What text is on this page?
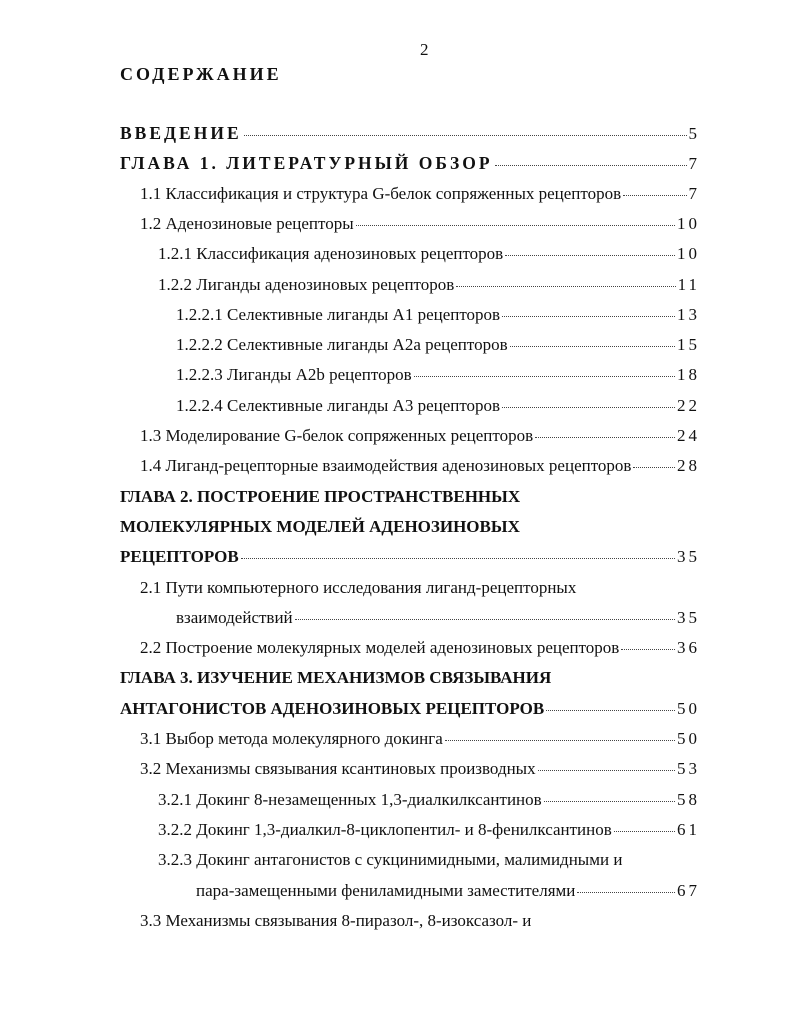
2
СОДЕРЖАНИЕ
ВВЕДЕНИЕ	5
ГЛАВА 1. ЛИТЕРАТУРНЫЙ ОБЗОР	7
1.1 Классификация и структура G-белок сопряженных рецепторов	7
1.2 Аденозиновые рецепторы	10
1.2.1 Классификация аденозиновых рецепторов	10
1.2.2 Лиганды аденозиновых рецепторов	11
1.2.2.1 Селективные лиганды A1 рецепторов	13
1.2.2.2 Селективные лиганды A2a рецепторов	15
1.2.2.3 Лиганды A2b рецепторов	18
1.2.2.4 Селективные лиганды A3 рецепторов	22
1.3 Моделирование G-белок сопряженных рецепторов	24
1.4 Лиганд-рецепторные взаимодействия аденозиновых рецепторов	28
ГЛАВА 2. ПОСТРОЕНИЕ ПРОСТРАНСТВЕННЫХ
МОЛЕКУЛЯРНЫХ МОДЕЛЕЙ АДЕНОЗИНОВЫХ
РЕЦЕПТОРОВ	35
2.1 Пути компьютерного исследования лиганд-рецепторных
взаимодействий	35
2.2 Построение молекулярных моделей аденозиновых рецепторов	36
ГЛАВА 3. ИЗУЧЕНИЕ МЕХАНИЗМОВ СВЯЗЫВАНИЯ
АНТАГОНИСТОВ АДЕНОЗИНОВЫХ РЕЦЕПТОРОВ	50
3.1 Выбор метода молекулярного докинга	50
3.2 Механизмы связывания ксантиновых производных	53
3.2.1 Докинг 8-незамещенных 1,3-диалкилксантинов	58
3.2.2 Докинг 1,3-диалкил-8-циклопентил- и 8-фенилксантинов	61
3.2.3 Докинг антагонистов с сукцинимидными, малимидными и
пара-замещенными фениламидными заместителями	67
3.3 Механизмы связывания 8-пиразол-, 8-изоксазол- и
